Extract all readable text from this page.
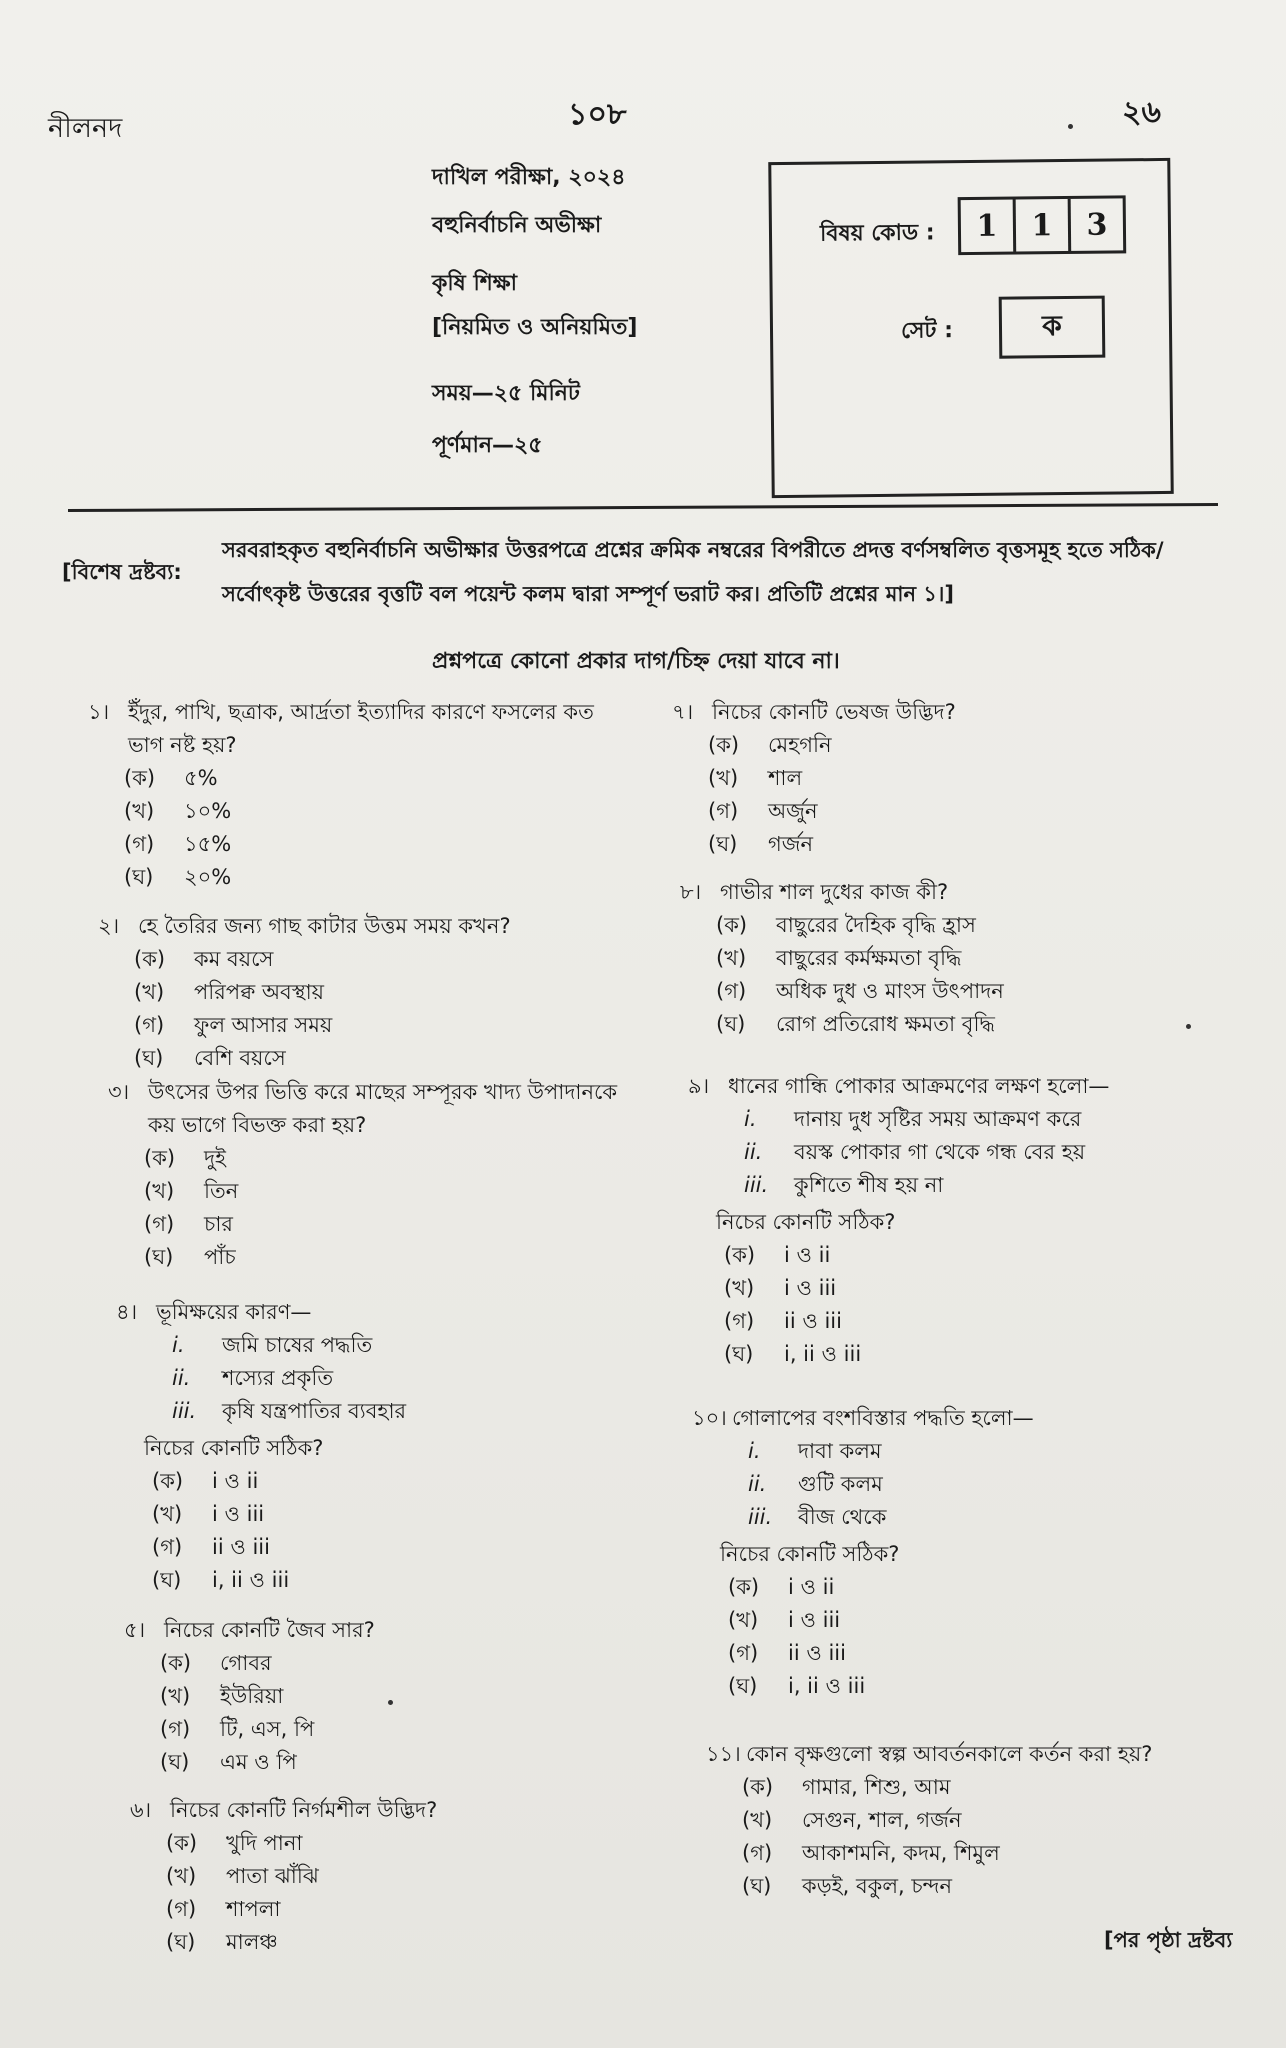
নীলনদ	১০৮	২৬
দাখিল পরীক্ষা, ২০২৪
বহুনির্বাচনি অভীক্ষা
কৃষি শিক্ষা
[নিয়মিত ও অনিয়মিত]
সময়—২৫ মিনিট
পূর্ণমান—২৫
বিষয় কোড :	1	1	3
সেট :	ক
[বিশেষ দ্রষ্টব্য:
সরবরাহকৃত বহুনির্বাচনি অভীক্ষার উত্তরপত্রে প্রশ্নের ক্রমিক নম্বরের বিপরীতে প্রদত্ত বর্ণসম্বলিত বৃত্তসমূহ হতে সঠিক/সর্বোৎকৃষ্ট উত্তরের বৃত্তটি বল পয়েন্ট কলম দ্বারা সম্পূর্ণ ভরাট কর। প্রতিটি প্রশ্নের মান ১।]
প্রশ্নপত্রে কোনো প্রকার দাগ/চিহ্ন দেয়া যাবে না।
১। ইঁদুর, পাখি, ছত্রাক, আর্দ্রতা ইত্যাদির কারণে ফসলের কত ভাগ নষ্ট হয়?
(ক)	৫%
(খ)	১০%
(গ)	১৫%
(ঘ)	২০%
২। হে তৈরির জন্য গাছ কাটার উত্তম সময় কখন?
(ক)	কম বয়সে
(খ)	পরিপক্ব অবস্থায়
(গ)	ফুল আসার সময়
(ঘ)	বেশি বয়সে
৩। উৎসের উপর ভিত্তি করে মাছের সম্পূরক খাদ্য উপাদানকে কয় ভাগে বিভক্ত করা হয়?
(ক)	দুই
(খ)	তিন
(গ)	চার
(ঘ)	পাঁচ
৪। ভূমিক্ষয়ের কারণ—
i.	জমি চাষের পদ্ধতি
ii.	শস্যের প্রকৃতি
iii.	কৃষি যন্ত্রপাতির ব্যবহার
নিচের কোনটি সঠিক?
(ক)	i ও ii
(খ)	i ও iii
(গ)	ii ও iii
(ঘ)	i, ii ও iii
৫। নিচের কোনটি জৈব সার?
(ক)	গোবর
(খ)	ইউরিয়া
(গ)	টি, এস, পি
(ঘ)	এম ও পি
৬। নিচের কোনটি নির্গমশীল উদ্ভিদ?
(ক)	খুদি পানা
(খ)	পাতা ঝাঁঝি
(গ)	শাপলা
(ঘ)	মালঞ্চ
৭। নিচের কোনটি ভেষজ উদ্ভিদ?
(ক)	মেহগনি
(খ)	শাল
(গ)	অর্জুন
(ঘ)	গর্জন
৮। গাভীর শাল দুধের কাজ কী?
(ক)	বাছুরের দৈহিক বৃদ্ধি হ্রাস
(খ)	বাছুরের কর্মক্ষমতা বৃদ্ধি
(গ)	অধিক দুধ ও মাংস উৎপাদন
(ঘ)	রোগ প্রতিরোধ ক্ষমতা বৃদ্ধি
৯। ধানের গান্ধি পোকার আক্রমণের লক্ষণ হলো—
i.	দানায় দুধ সৃষ্টির সময় আক্রমণ করে
ii.	বয়স্ক পোকার গা থেকে গন্ধ বের হয়
iii.	কুশিতে শীষ হয় না
নিচের কোনটি সঠিক?
(ক)	i ও ii
(খ)	i ও iii
(গ)	ii ও iii
(ঘ)	i, ii ও iii
১০। গোলাপের বংশবিস্তার পদ্ধতি হলো—
i.	দাবা কলম
ii.	গুটি কলম
iii.	বীজ থেকে
নিচের কোনটি সঠিক?
(ক)	i ও ii
(খ)	i ও iii
(গ)	ii ও iii
(ঘ)	i, ii ও iii
১১। কোন বৃক্ষগুলো স্বল্প আবর্তনকালে কর্তন করা হয়?
(ক)	গামার, শিশু, আম
(খ)	সেগুন, শাল, গর্জন
(গ)	আকাশমনি, কদম, শিমুল
(ঘ)	কড়ই, বকুল, চন্দন
[পর পৃষ্ঠা দ্রষ্টব্য
